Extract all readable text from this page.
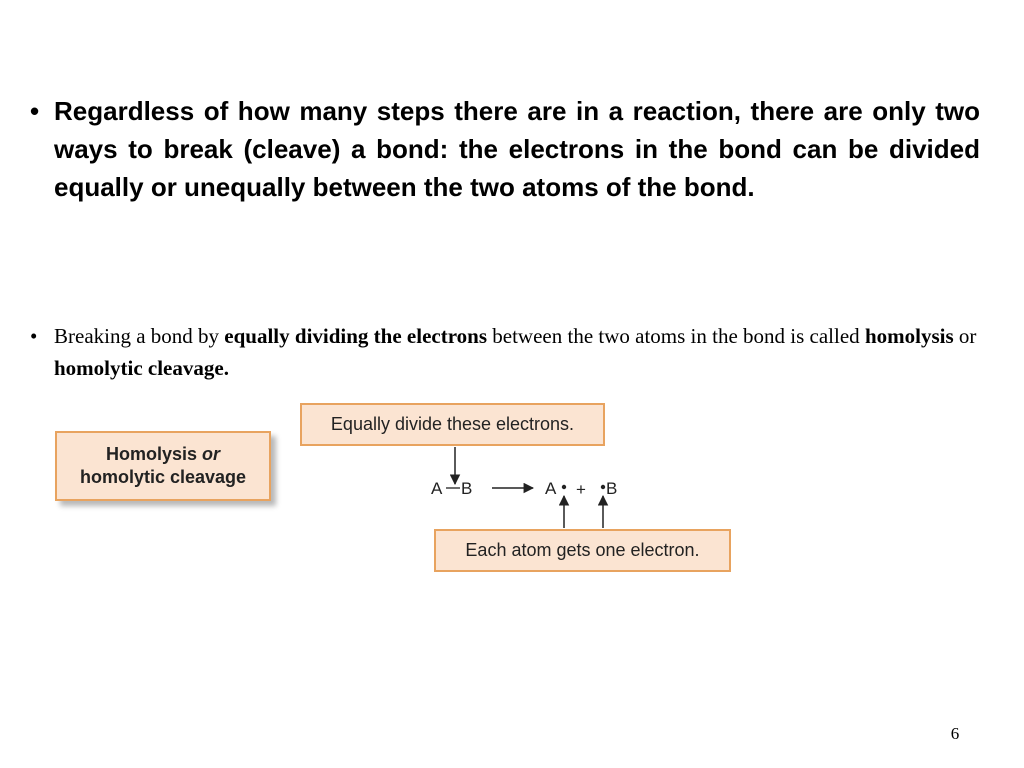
• Regardless of how many steps there are in a reaction, there are only two ways to break (cleave) a bond: the electrons in the bond can be divided equally or unequally between the two atoms of the bond.
• Breaking a bond by equally dividing the electrons between the two atoms in the bond is called homolysis or homolytic cleavage.
Homolysis or
homolytic cleavage
Equally divide these electrons.
Each atom gets one electron.
A B	A + B
6
